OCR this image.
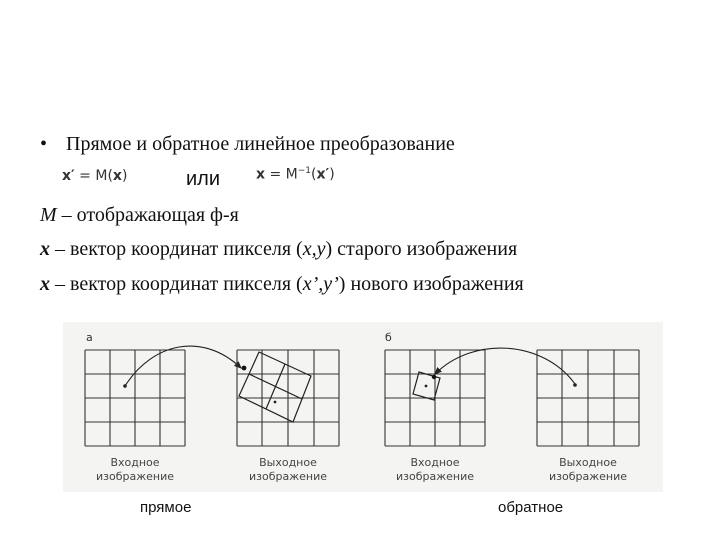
• Прямое и обратное линейное преобразование
x′ = M(x)	или	$x = M^{-1}(x')$
M – отображающая ф-я
x – вектор координат пикселя (x,y) старого изображения
x – вектор координат пикселя (x’,y’) нового изображения
а
Входное
изображение
Выходное
изображение
б
Входное
изображение
Выходное
изображение
прямое	обратное
